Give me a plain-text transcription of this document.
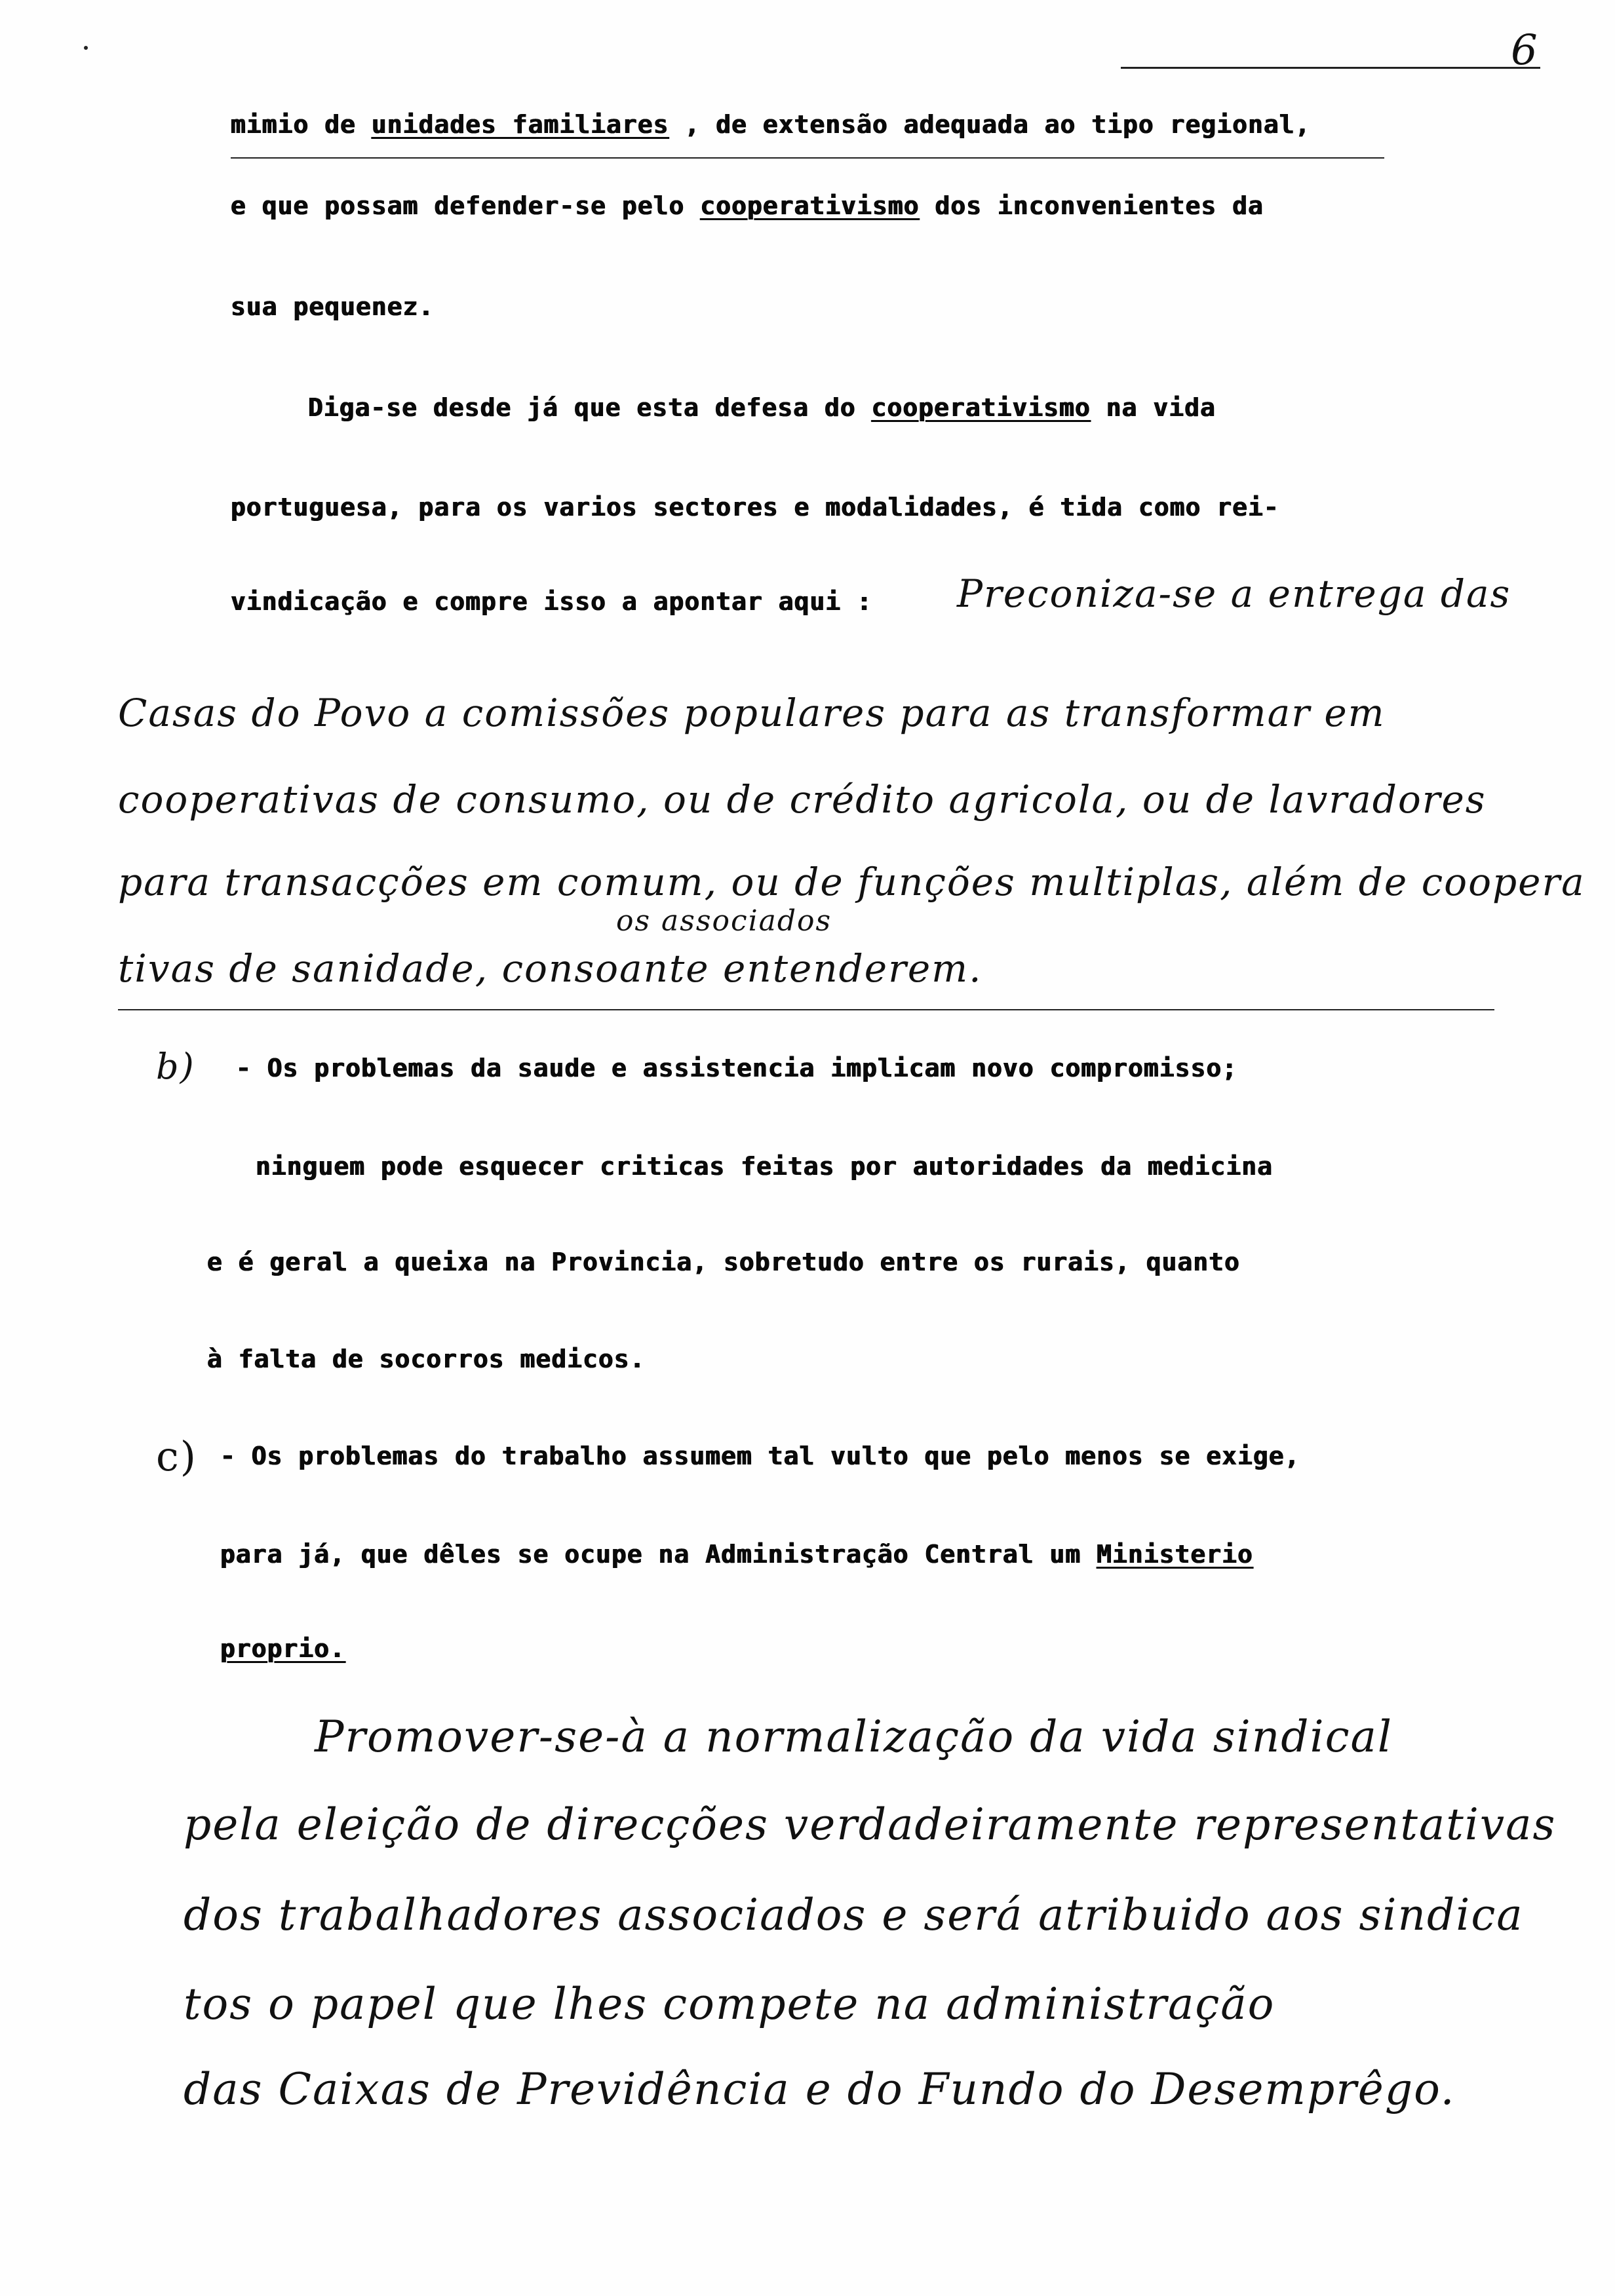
6
mimio de unidades familiares , de extensão adequada ao tipo regional,
e que possam defender-se pelo cooperativismo dos inconvenientes da
sua pequenez.
Diga-se desde já que esta defesa do cooperativismo na vida
portuguesa, para os varios sectores e modalidades, é tida como rei-
vindicação e compre isso a apontar aqui : Preconiza-se a entrega das
Casas do Povo a comissões populares para as transformar em
cooperativas de consumo, ou de crédito agricola, ou de lavradores
para transacções em comum, ou de funções multiplas, além de coopera
os associados
tivas de sanidade, consoante entenderem.
b) - Os problemas da saude e assistencia implicam novo compromisso;
ninguem pode esquecer criticas feitas por autoridades da medicina
e é geral a queixa na Provincia, sobretudo entre os rurais, quanto
à falta de socorros medicos.
c) - Os problemas do trabalho assumem tal vulto que pelo menos se exige,
para já, que dêles se ocupe na Administração Central um Ministerio
proprio.
Promover-se-à a normalização da vida sindical
pela eleição de direcções verdadeiramente representativas
dos trabalhadores associados e será atribuido aos sindica
tos o papel que lhes compete na administração
das Caixas de Previdência e do Fundo do Desemprêgo.
